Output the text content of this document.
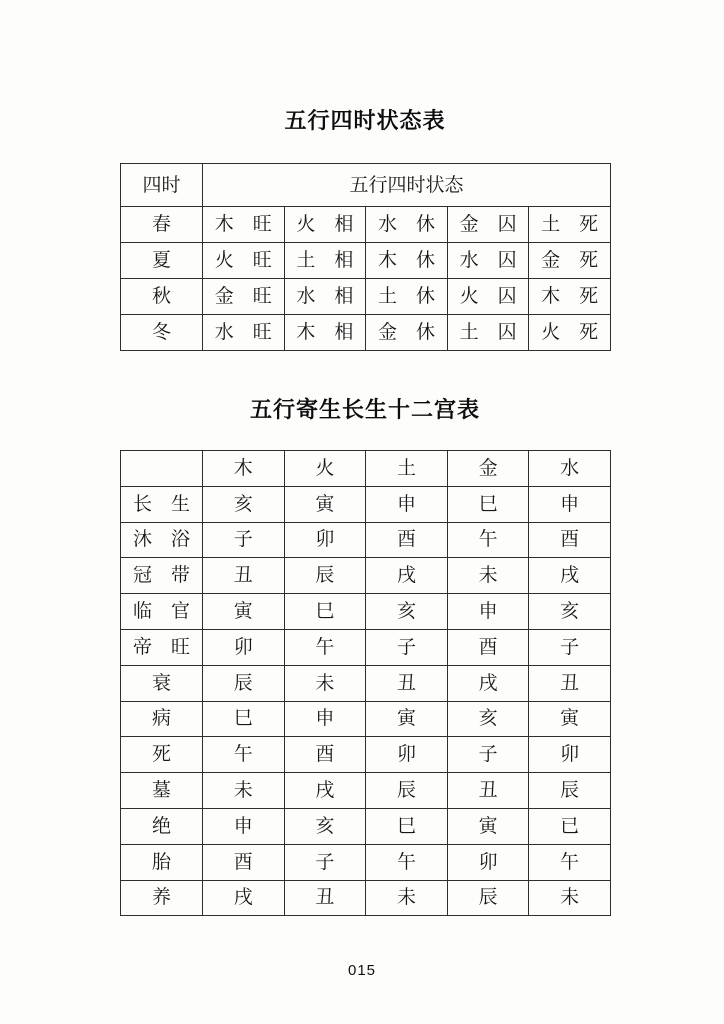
五行四时状态表
四时	五行四时状态				
春	木　旺	火　相	水　休	金　囚	土　死
夏	火　旺	土　相	木　休	水　囚	金　死
秋	金　旺	水　相	土　休	火　囚	木　死
冬	水　旺	木　相	金　休	土　囚	火　死
五行寄生长生十二宫表
	木	火	土	金	水
长　生	亥	寅	申	巳	申
沐　浴	子	卯	酉	午	酉
冠　带	丑	辰	戌	未	戌
临　官	寅	巳	亥	申	亥
帝　旺	卯	午	子	酉	子
衰	辰	未	丑	戌	丑
病	巳	申	寅	亥	寅
死	午	酉	卯	子	卯
墓	未	戌	辰	丑	辰
绝	申	亥	巳	寅	已
胎	酉	子	午	卯	午
养	戌	丑	未	辰	未
015
